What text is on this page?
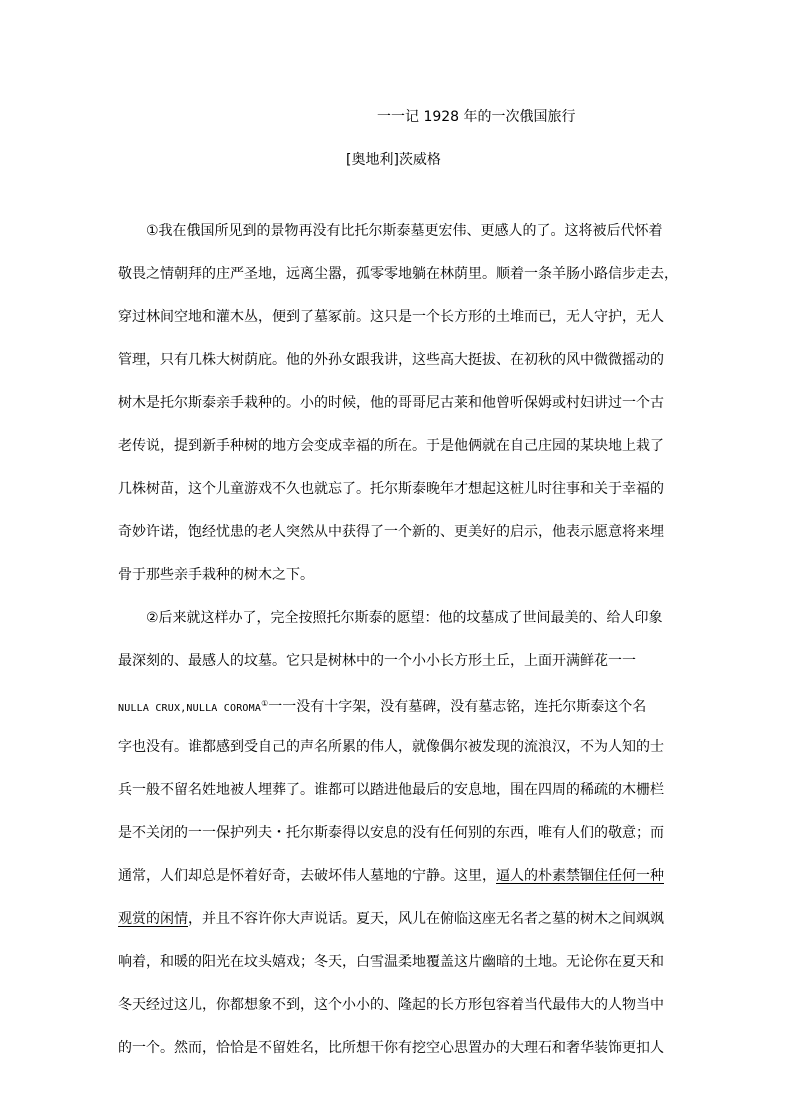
一一记 1928 年的一次俄国旅行
[奥地利]茨威格
①我在俄国所见到的景物再没有比托尔斯泰墓更宏伟、更感人的了。这将被后代怀着
敬畏之情朝拜的庄严圣地，远离尘嚣，孤零零地躺在林荫里。顺着一条羊肠小路信步走去，
穿过林间空地和灌木丛，便到了墓冢前。这只是一个长方形的土堆而已，无人守护，无人
管理，只有几株大树荫庇。他的外孙女跟我讲，这些高大挺拔、在初秋的风中微微摇动的
树木是托尔斯泰亲手栽种的。小的时候，他的哥哥尼古莱和他曾听保姆或村妇讲过一个古
老传说，提到新手种树的地方会变成幸福的所在。于是他俩就在自己庄园的某块地上栽了
几株树苗，这个儿童游戏不久也就忘了。托尔斯泰晚年才想起这桩儿时往事和关于幸福的
奇妙许诺，饱经忧患的老人突然从中获得了一个新的、更美好的启示，他表示愿意将来埋
骨于那些亲手栽种的树木之下。
②后来就这样办了，完全按照托尔斯泰的愿望：他的坟墓成了世间最美的、给人印象
最深刻的、最感人的坟墓。它只是树林中的一个小小长方形土丘，上面开满鲜花一一
NULLA CRUX,NULLA COROMA①一一没有十字架，没有墓碑，没有墓志铭，连托尔斯泰这个名
字也没有。谁都感到受自己的声名所累的伟人，就像偶尔被发现的流浪汉，不为人知的士
兵一般不留名姓地被人埋葬了。谁都可以踏进他最后的安息地，围在四周的稀疏的木栅栏
是不关闭的一一保护列夫・托尔斯泰得以安息的没有任何别的东西，唯有人们的敬意；而
通常，人们却总是怀着好奇，去破坏伟人墓地的宁静。这里，逼人的朴素禁锢住任何一种
观赏的闲情，并且不容许你大声说话。夏天，风儿在俯临这座无名者之墓的树木之间飒飒
响着，和暖的阳光在坟头嬉戏；冬天，白雪温柔地覆盖这片幽暗的土地。无论你在夏天和
冬天经过这儿，你都想象不到，这个小小的、隆起的长方形包容着当代最伟大的人物当中
的一个。然而，恰恰是不留姓名，比所想干你有挖空心思置办的大理石和奢华装饰更扣人
